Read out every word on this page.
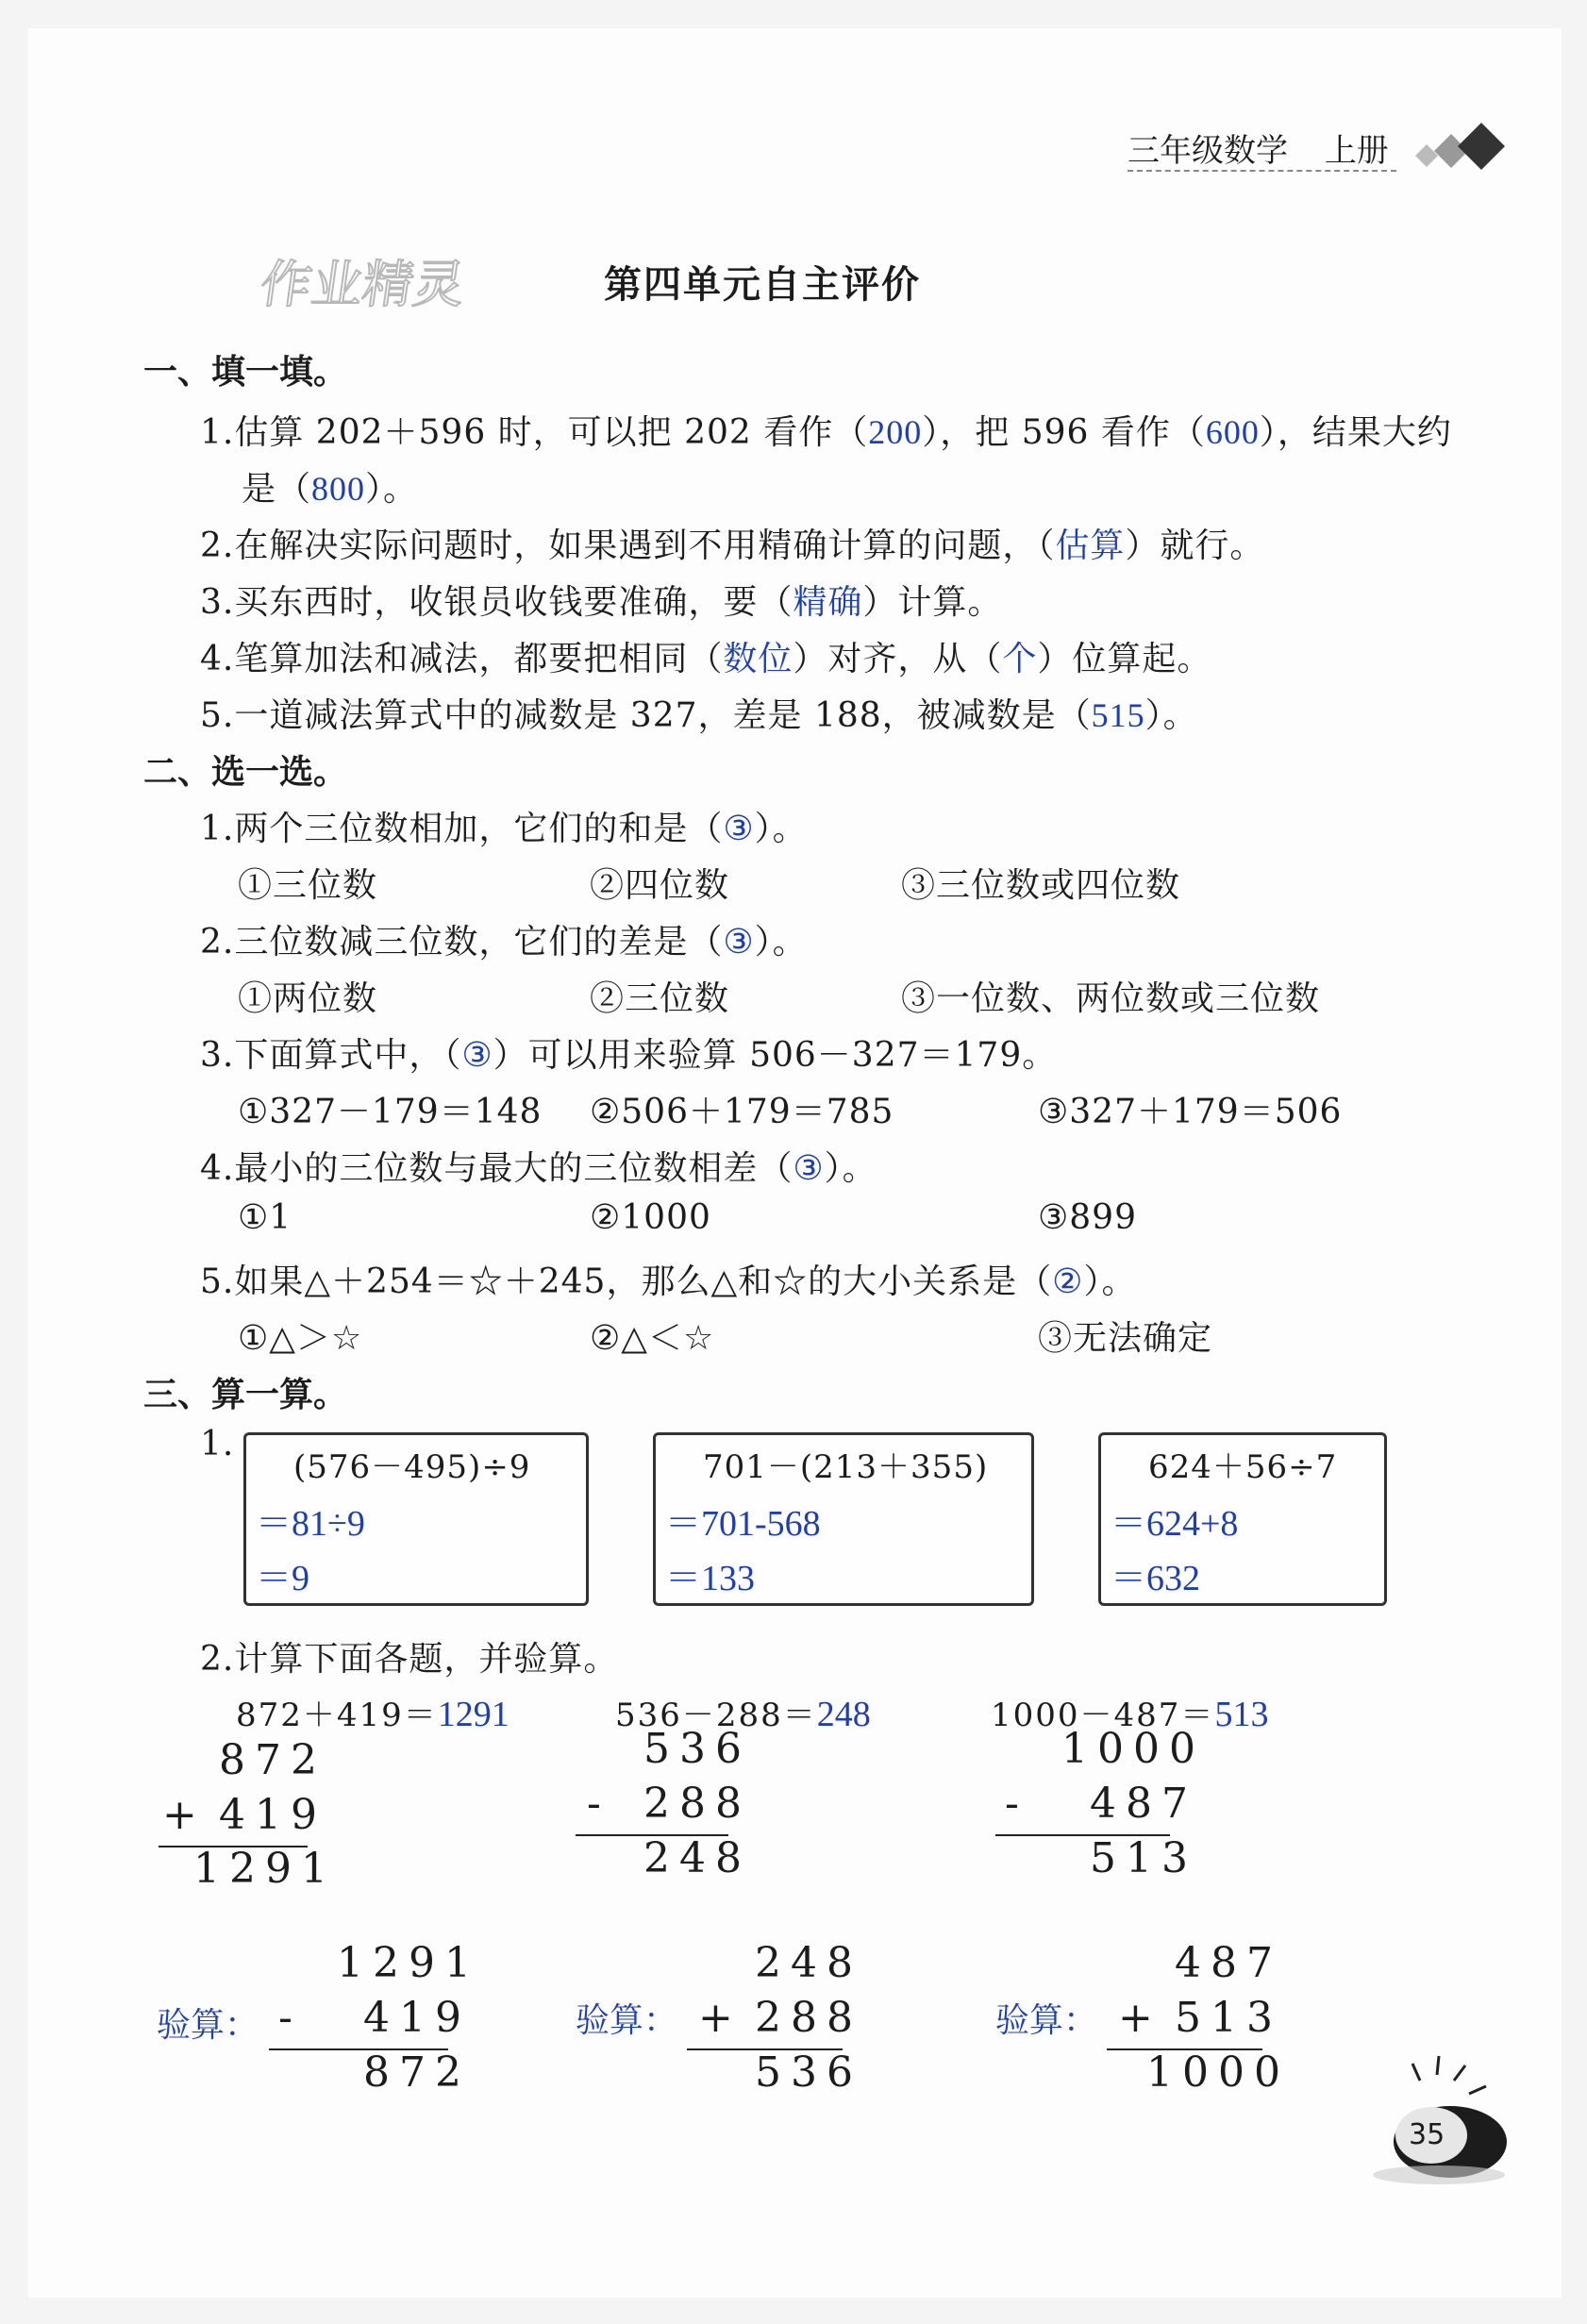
三年级数学 上册
作业精灵	第四单元自主评价
一、填一填。
1.估算 202＋596 时，可以把 202 看作（200），把 596 看作（600），结果大约
是（800）。
2.在解决实际问题时，如果遇到不用精确计算的问题，（估算）就行。
3.买东西时，收银员收钱要准确，要（精确）计算。
4.笔算加法和减法，都要把相同（数位）对齐，从（个）位算起。
5.一道减法算式中的减数是 327，差是 188，被减数是（515）。
二、选一选。
1.两个三位数相加，它们的和是（③）。
①三位数	②四位数	③三位数或四位数
2.三位数减三位数，它们的差是（③）。
①两位数	②三位数	③一位数、两位数或三位数
3.下面算式中，（③）可以用来验算 506－327＝179。
①327－179＝148 ②506＋179＝785	③327＋179＝506
4.最小的三位数与最大的三位数相差（③）。
①1	②1000	③899
5.如果△＋254＝☆＋245，那么△和☆的大小关系是（②）。
①△＞☆	②△＜☆	③无法确定
三、算一算。
1.
(576－495)÷9
＝81÷9
＝9
701－(213＋355)
＝701-568
＝133
624＋56÷7
＝624+8
＝632
2.计算下面各题，并验算。
872＋419＝1291
872
+ 419
1291
536－288＝248
536
- 288
248
1000－487＝513
1000
- 487
513
验算：
1291
- 419
872
验算：
248
+ 288
536
验算：
487
+ 513
1000
35
